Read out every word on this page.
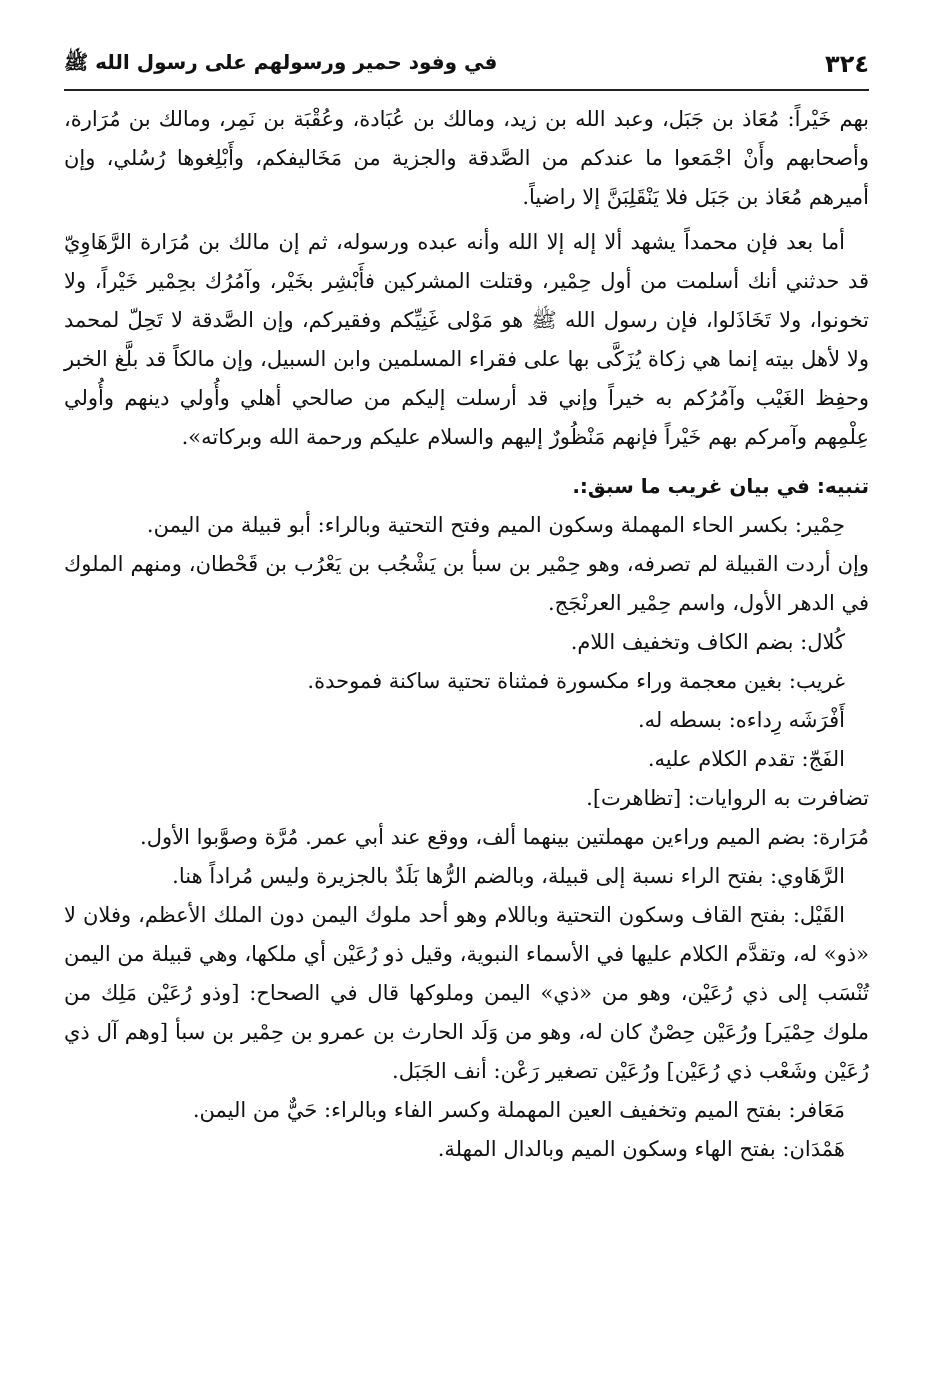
٣٢٤
في وفود حمير ورسولهم على رسول الله ﷺ

بهم خَيْراً: مُعَاذ بن جَبَل، وعبد الله بن زيد، ومالك بن عُبَادة، وعُقْبَة بن نَمِر، ومالك بن مُرَارة، وأصحابهم وأَنْ اجْمَعوا ما عندكم من الصَّدقة والجزية من مَخَاليفكم، وأَبْلِغوها رُسُلي، وإن أميرهم مُعَاذ بن جَبَل فلا يَنْقَلِبَنَّ إلا راضياً.

أما بعد فإن محمداً يشهد ألا إله إلا الله وأنه عبده ورسوله، ثم إن مالك بن مُرَارة الرَّهَاوِيّ قد حدثني أنك أسلمت من أول حِمْير، وقتلت المشركين فأَبْشِر بخَيْر، وآمُرُك بحِمْير خَيْراً، ولا تخونوا، ولا تَخَاذَلوا، فإن رسول الله ﷺ هو مَوْلى غَنِيِّكم وفقيركم، وإن الصَّدقة لا تَحِلّ لمحمد ولا لأهل بيته إنما هي زكاة يُزَكَّى بها على فقراء المسلمين وابن السبيل، وإن مالكاً قد بلَّغ الخبر وحفِظ الغَيْب وآمُرُكم به خيراً وإني قد أرسلت إليكم من صالحي أهلي وأُولي دينهم وأُولي عِلْمِهم وآمركم بهم خَيْراً فإنهم مَنْظُورٌ إليهم والسلام عليكم ورحمة الله وبركاته».

تنبيه: في بيان غريب ما سبق:.

حِمْير: بكسر الحاء المهملة وسكون الميم وفتح التحتية وبالراء: أبو قبيلة من اليمن.

وإن أردت القبيلة لم تصرفه، وهو حِمْير بن سبأ بن يَشْجُب بن يَعْرُب بن قَحْطان، ومنهم الملوك في الدهر الأول، واسم حِمْير العرنْجَج.

كُلال: بضم الكاف وتخفيف اللام.

غريب: بغين معجمة وراء مكسورة فمثناة تحتية ساكنة فموحدة.

أَفْرَشَه رِداءه: بسطه له.

الفَجّ: تقدم الكلام عليه.

تضافرت به الروايات: [تظاهرت].

مُرَارة: بضم الميم وراءين مهملتين بينهما ألف، ووقع عند أبي عمر. مُرَّة وصوَّبوا الأول.

الرَّهَاوي: بفتح الراء نسبة إلى قبيلة، وبالضم الرُّها بَلَدٌ بالجزيرة وليس مُراداً هنا.

القَيْل: بفتح القاف وسكون التحتية وباللام وهو أحد ملوك اليمن دون الملك الأعظم، وفلان لا «ذو» له، وتقدَّم الكلام عليها في الأسماء النبوية، وقيل ذو رُعَيْن أي ملكها، وهي قبيلة من اليمن تُنْسَب إلى ذي رُعَيْن، وهو من «ذي» اليمن وملوكها قال في الصحاح: [وذو رُعَيْن مَلِك من ملوك حِمْيَر] ورُعَيْن حِصْنٌ كان له، وهو من وَلَد الحارث بن عمرو بن حِمْير بن سبأ [وهم آل ذي رُعَيْن وشَعْب ذي رُعَيْن] ورُعَيْن تصغير رَعْن: أنف الجَبَل.

مَعَافر: بفتح الميم وتخفيف العين المهملة وكسر الفاء وبالراء: حَيٌّ من اليمن.

هَمْدَان: بفتح الهاء وسكون الميم وبالدال المهلة.
